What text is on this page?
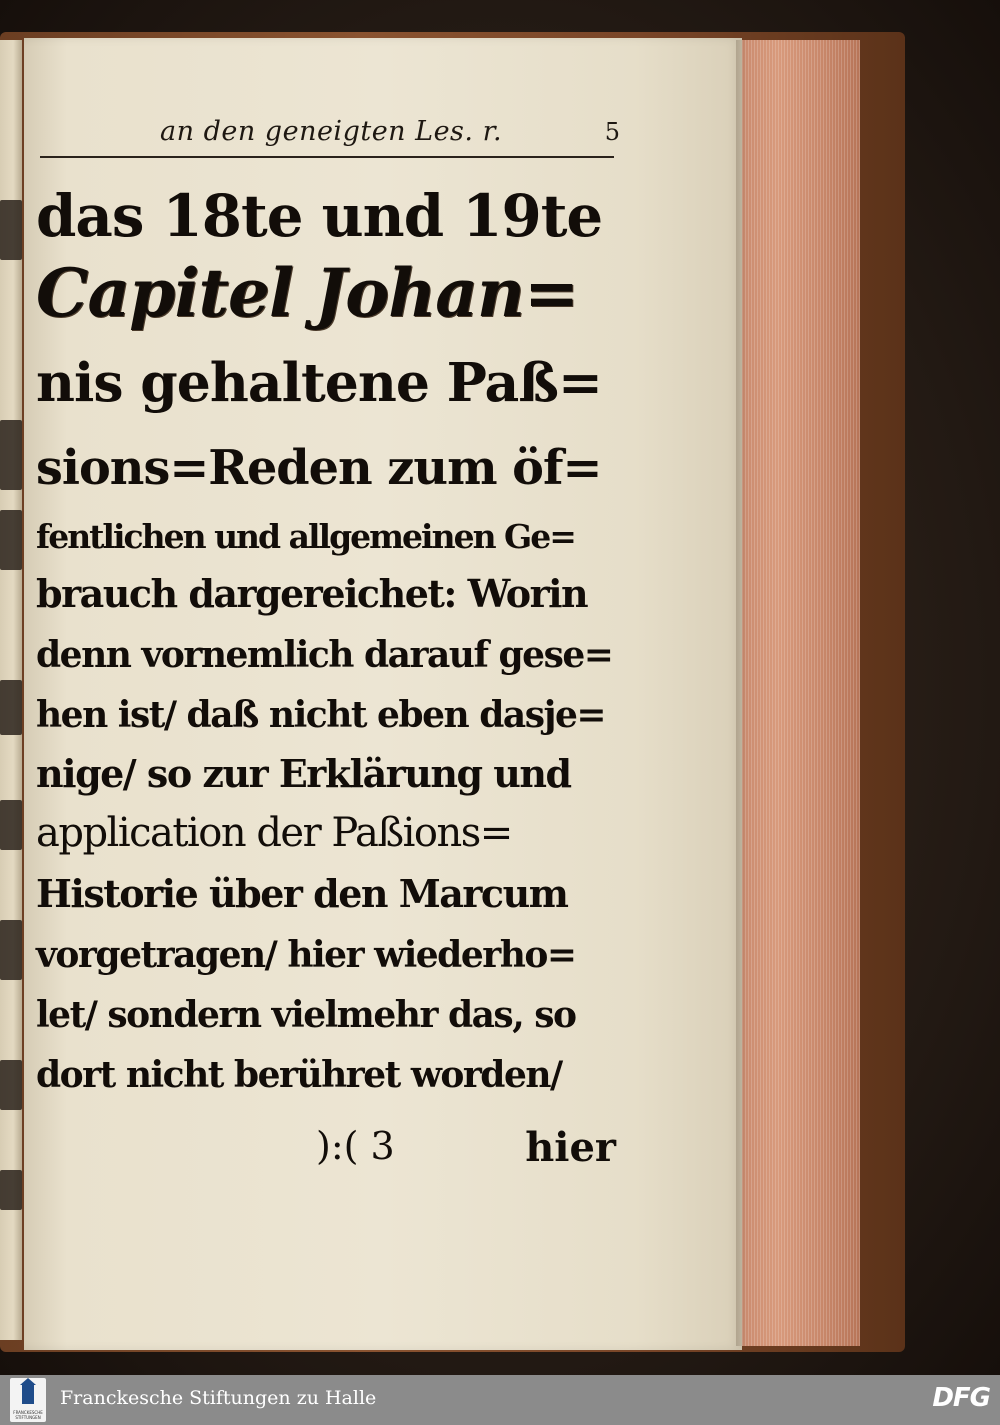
an den geneigten Les. r.	5
das 18te und 19te
Capitel Johan=
nis gehaltene Paß=
sions=Reden zum öf=
fentlichen und allgemeinen Ge=
brauch dargereichet: Worin
denn vornemlich darauf gese=
hen ist/ daß nicht eben dasje=
nige/ so zur Erklärung und
application der Paßions=
Historie über den Marcum
vorgetragen/ hier wiederho=
let/ sondern vielmehr das, so
dort nicht berühret worden/
):( 3	hier
FRANCKESCHE STIFTUNGEN
Franckesche Stiftungen zu Halle	DFG
